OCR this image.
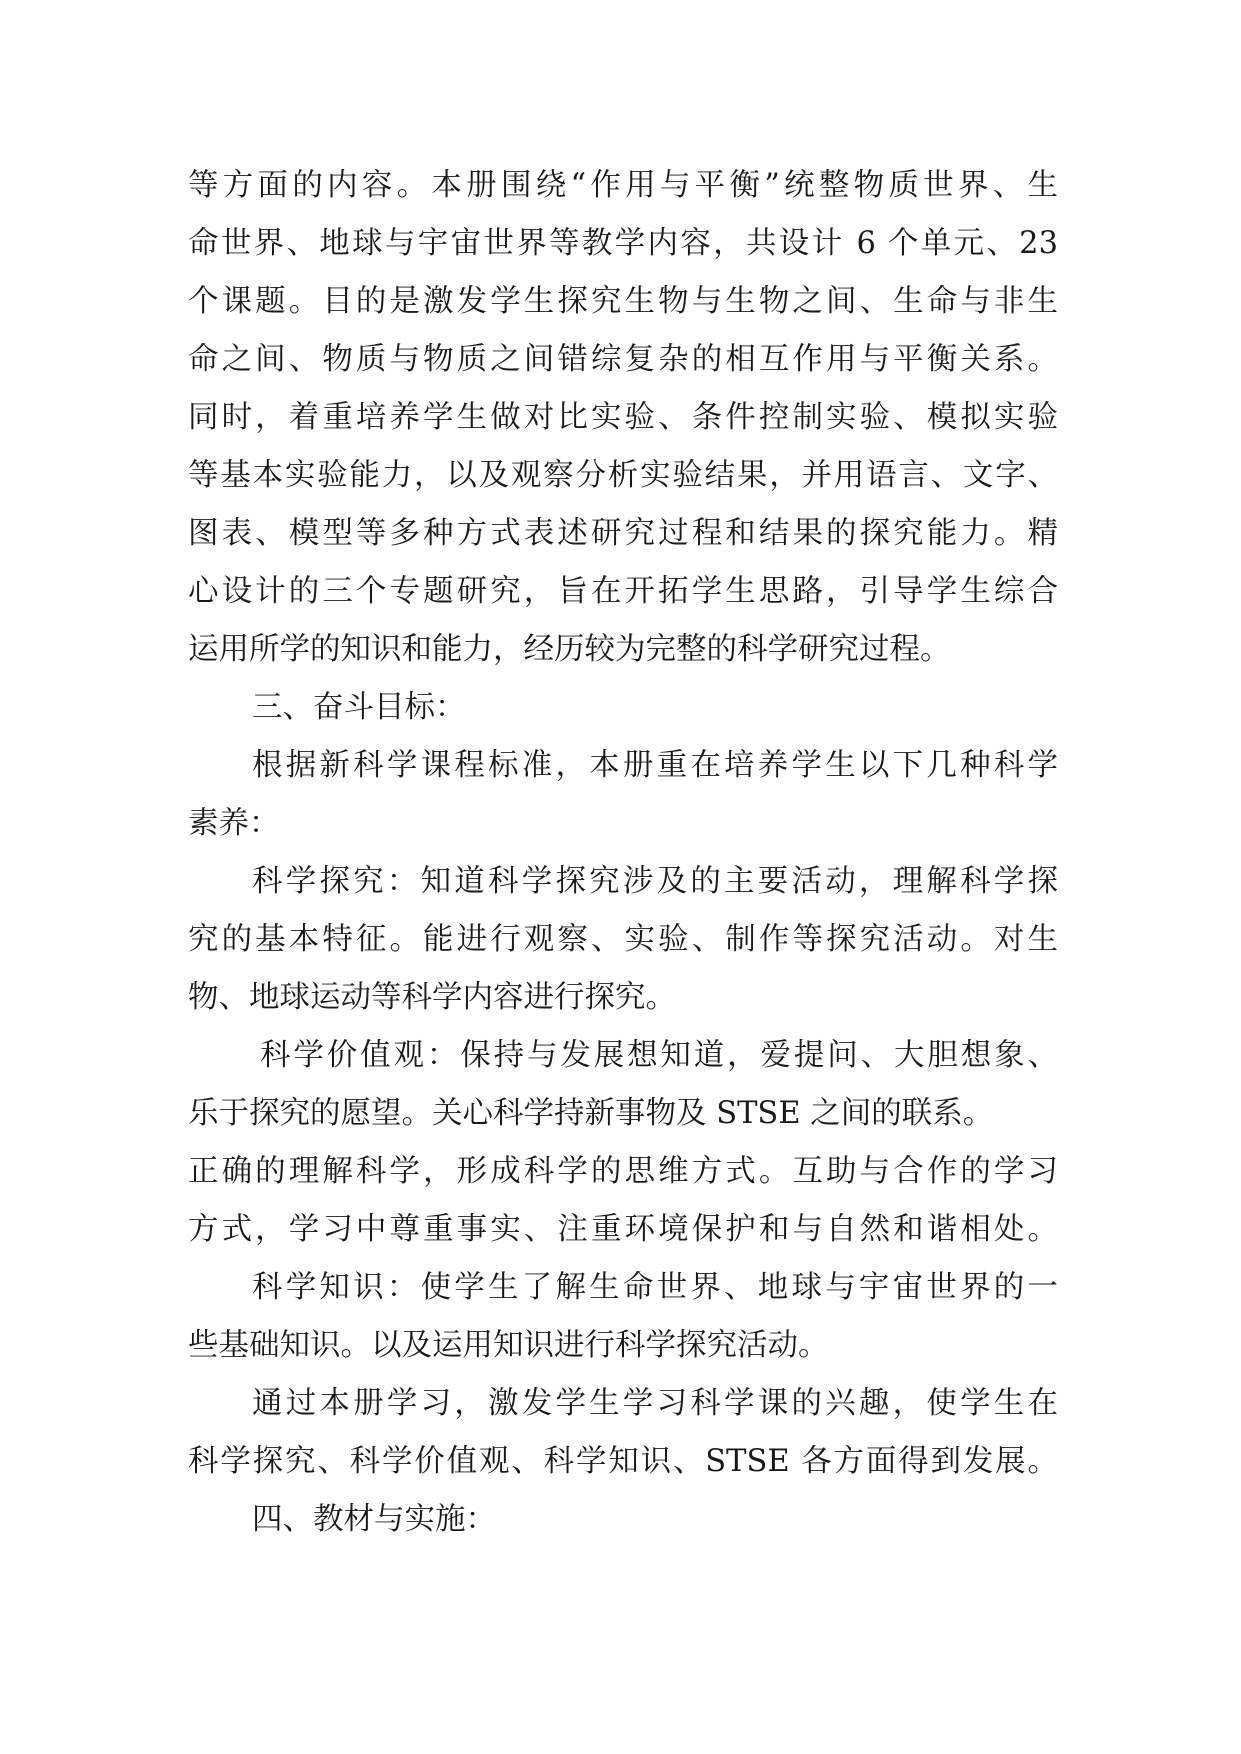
等方面的内容。本册围绕“作用与平衡”统整物质世界、生
命世界、地球与宇宙世界等教学内容，共设计 6 个单元、23
个课题。目的是激发学生探究生物与生物之间、生命与非生
命之间、物质与物质之间错综复杂的相互作用与平衡关系。
同时，着重培养学生做对比实验、条件控制实验、模拟实验
等基本实验能力，以及观察分析实验结果，并用语言、文字、
图表、模型等多种方式表述研究过程和结果的探究能力。精
心设计的三个专题研究，旨在开拓学生思路，引导学生综合
运用所学的知识和能力，经历较为完整的科学研究过程。
三、奋斗目标：
根据新科学课程标准，本册重在培养学生以下几种科学
素养：
科学探究：知道科学探究涉及的主要活动，理解科学探
究的基本特征。能进行观察、实验、制作等探究活动。对生
物、地球运动等科学内容进行探究。
科学价值观：保持与发展想知道，爱提问、大胆想象、
乐于探究的愿望。关心科学持新事物及 STSE 之间的联系。
正确的理解科学，形成科学的思维方式。互助与合作的学习
方式，学习中尊重事实、注重环境保护和与自然和谐相处。
科学知识：使学生了解生命世界、地球与宇宙世界的一
些基础知识。以及运用知识进行科学探究活动。
通过本册学习，激发学生学习科学课的兴趣，使学生在
科学探究、科学价值观、科学知识、STSE 各方面得到发展。
四、教材与实施：
